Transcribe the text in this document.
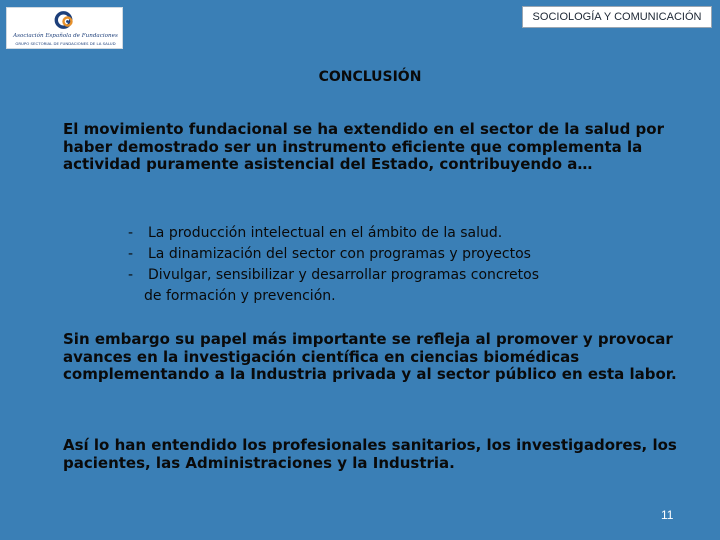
Asociación Española de Fundaciones
GRUPO SECTORIAL DE FUNDACIONES DE LA SALUD
SOCIOLOGÍA Y COMUNICACIÓN
CONCLUSIÓN

El movimiento fundacional se ha extendido en el sector de la salud por haber demostrado ser un instrumento eficiente que complementa la actividad puramente asistencial del Estado, contribuyendo a…

-	La producción intelectual en el ámbito de la salud.
-	La dinamización del sector con programas y proyectos
-	Divulgar, sensibilizar y desarrollar programas concretos
de formación y prevención.

Sin embargo su papel más importante se refleja al promover y provocar avances en la investigación científica en ciencias biomédicas complementando a la Industria privada y al sector público en esta labor.

Así lo han entendido los profesionales sanitarios, los investigadores, los pacientes, las Administraciones y la Industria.

11
